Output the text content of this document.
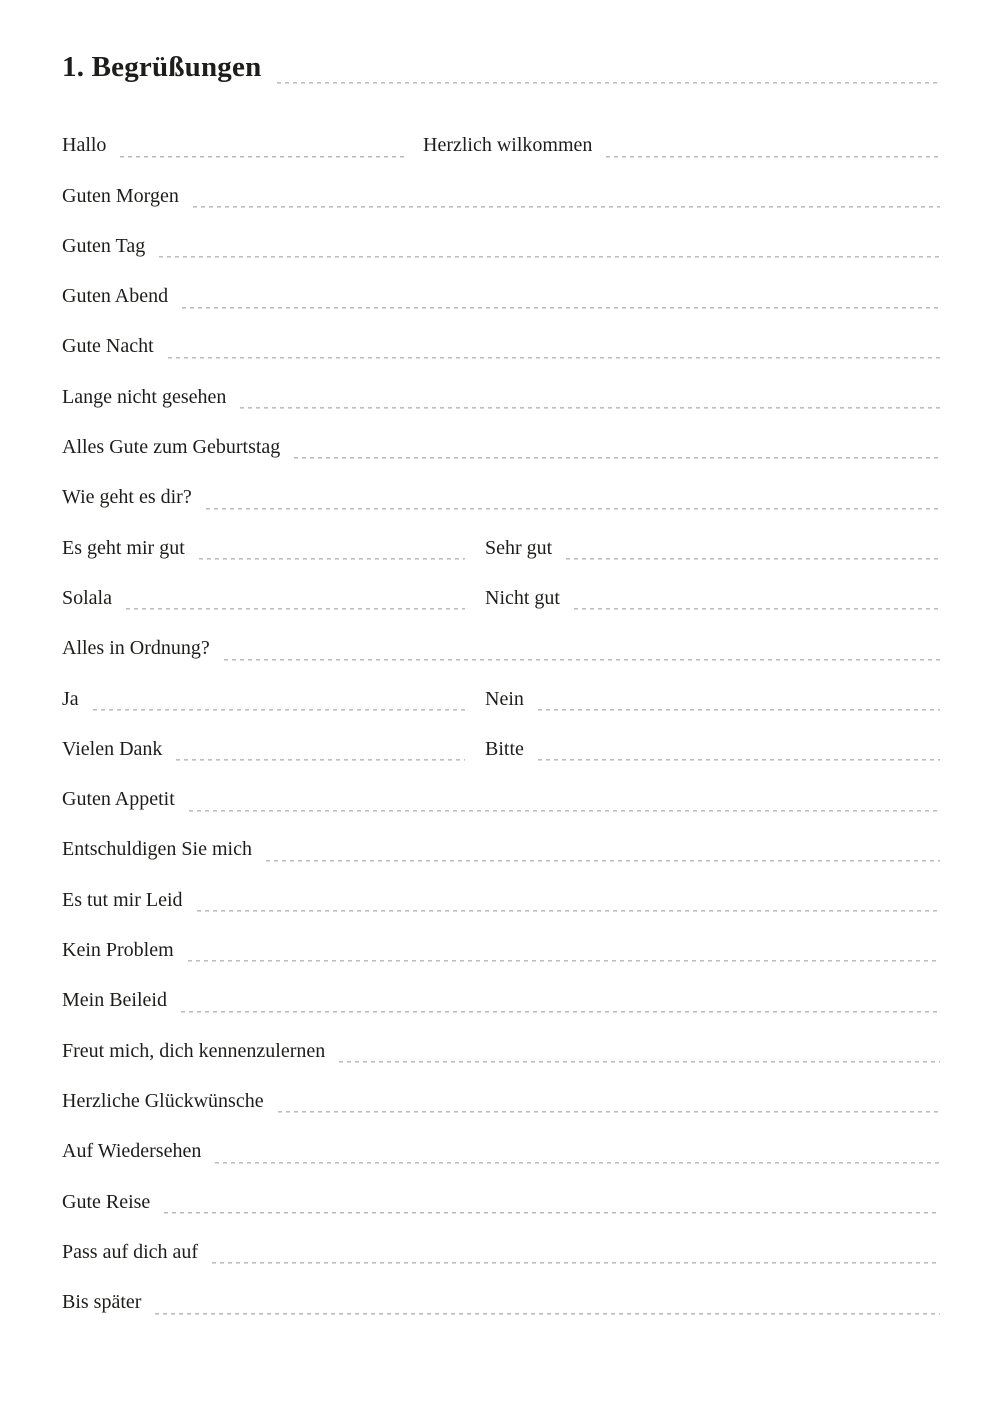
1. Begrüßungen
Hallo	Herzlich wilkommen
Guten Morgen
Guten Tag
Guten Abend
Gute Nacht
Lange nicht gesehen
Alles Gute zum Geburtstag
Wie geht es dir?
Es geht mir gut	Sehr gut
Solala	Nicht gut
Alles in Ordnung?
Ja	Nein
Vielen Dank	Bitte
Guten Appetit
Entschuldigen Sie mich
Es tut mir Leid
Kein Problem
Mein Beileid
Freut mich, dich kennenzulernen
Herzliche Glückwünsche
Auf Wiedersehen
Gute Reise
Pass auf dich auf
Bis später
